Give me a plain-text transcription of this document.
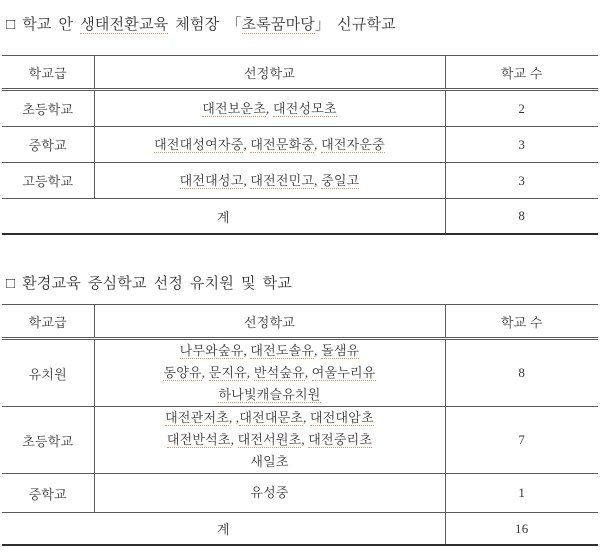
□ 학교 안 생태전환교육 체험장 「초록꿈마당」 신규학교
학교급	선정학교	학교 수
초등학교	대전보운초, 대전성모초	2
중학교	대전대성여자중, 대전문화중, 대전자운중	3
고등학교	대전대성고, 대전전민고, 중일고	3
계		8
□ 환경교육 중심학교 선정 유치원 및 학교
학교급	선정학교	학교 수
유치원	나무와숲유, 대전도솔유, 돌샘유
동양유, 문지유, 반석숲유, 여울누리유
하나빛캐슬유치원	8
초등학교	대전관저초, ,대전대문초, 대전대암초
대전반석초, 대전서원초, 대전중리초
새일초	7
중학교	유성중	1
계		16
